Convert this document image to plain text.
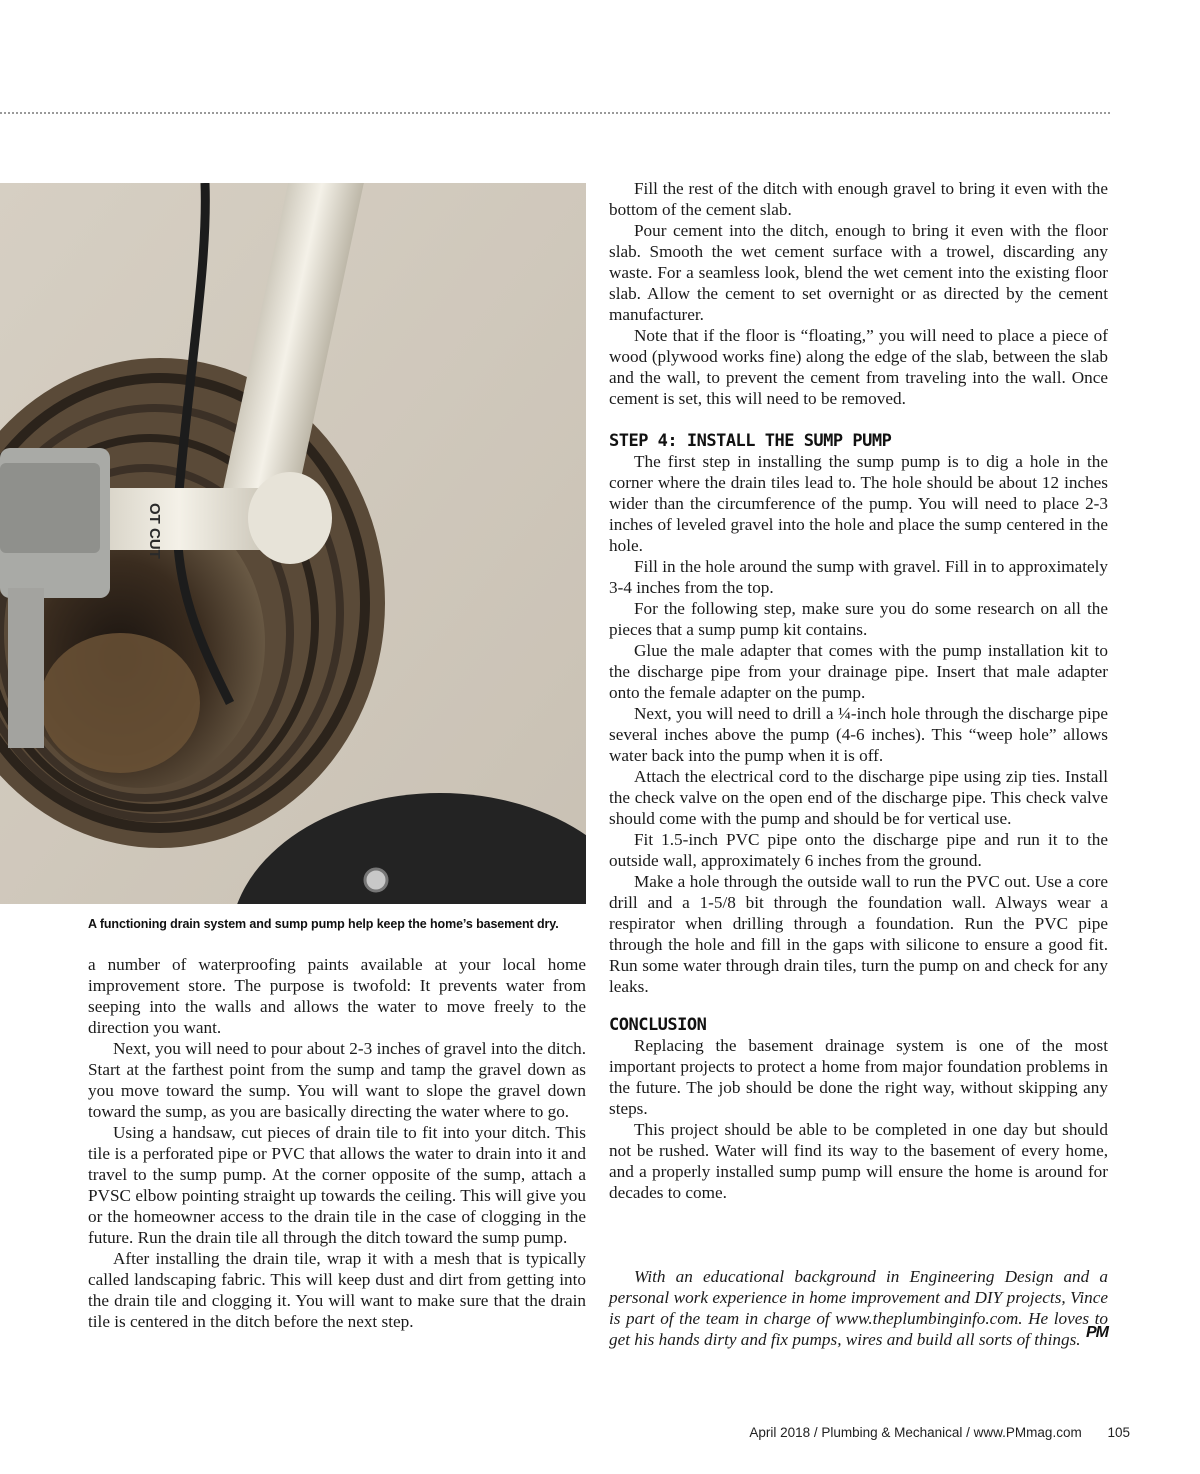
OT CUT
A functioning drain system and sump pump help keep the home’s basement dry.

a number of waterproofing paints available at your local home improvement store. The purpose is twofold: It prevents water from seeping into the walls and allows the water to move freely to the direction you want.

Next, you will need to pour about 2-3 inches of gravel into the ditch. Start at the farthest point from the sump and tamp the gravel down as you move toward the sump. You will want to slope the gravel down toward the sump, as you are basically directing the water where to go.

Using a handsaw, cut pieces of drain tile to fit into your ditch. This tile is a perforated pipe or PVC that allows the water to drain into it and travel to the sump pump. At the corner opposite of the sump, attach a PVSC elbow pointing straight up towards the ceiling. This will give you or the homeowner access to the drain tile in the case of clogging in the future. Run the drain tile all through the ditch toward the sump pump.

After installing the drain tile, wrap it with a mesh that is typically called landscaping fabric. This will keep dust and dirt from getting into the drain tile and clogging it. You will want to make sure that the drain tile is centered in the ditch before the next step.

Fill the rest of the ditch with enough gravel to bring it even with the bottom of the cement slab.

Pour cement into the ditch, enough to bring it even with the floor slab. Smooth the wet cement surface with a trowel, discarding any waste. For a seamless look, blend the wet cement into the existing floor slab. Allow the cement to set overnight or as directed by the cement manufacturer.

Note that if the floor is “floating,” you will need to place a piece of wood (plywood works fine) along the edge of the slab, between the slab and the wall, to prevent the cement from traveling into the wall. Once cement is set, this will need to be removed.

STEP 4: INSTALL THE SUMP PUMP

The first step in installing the sump pump is to dig a hole in the corner where the drain tiles lead to. The hole should be about 12 inches wider than the circumference of the pump. You will need to place 2-3 inches of leveled gravel into the hole and place the sump centered in the hole.

Fill in the hole around the sump with gravel. Fill in to approximately 3-4 inches from the top.

For the following step, make sure you do some research on all the pieces that a sump pump kit contains.

Glue the male adapter that comes with the pump installation kit to the discharge pipe from your drainage pipe. Insert that male adapter onto the female adapter on the pump.

Next, you will need to drill a ¼-inch hole through the discharge pipe several inches above the pump (4-6 inches). This “weep hole” allows water back into the pump when it is off.

Attach the electrical cord to the discharge pipe using zip ties. Install the check valve on the open end of the discharge pipe. This check valve should come with the pump and should be for vertical use.

Fit 1.5-inch PVC pipe onto the discharge pipe and run it to the outside wall, approximately 6 inches from the ground.

Make a hole through the outside wall to run the PVC out. Use a core drill and a 1-5/8 bit through the foundation wall. Always wear a respirator when drilling through a foundation. Run the PVC pipe through the hole and fill in the gaps with silicone to ensure a good fit. Run some water through drain tiles, turn the pump on and check for any leaks.

CONCLUSION

Replacing the basement drainage system is one of the most important projects to protect a home from major foundation problems in the future. The job should be done the right way, without skipping any steps.

This project should be able to be completed in one day but should not be rushed. Water will find its way to the basement of every home, and a properly installed sump pump will ensure the home is around for decades to come.

With an educational background in Engineering Design and a personal work experience in home improvement and DIY projects, Vince is part of the team in charge of www.theplumbinginfo.com. He loves to get his hands dirty and fix pumps, wires and build all sorts of things. PM
April 2018 / Plumbing & Mechanical / www.PMmag.com 105
